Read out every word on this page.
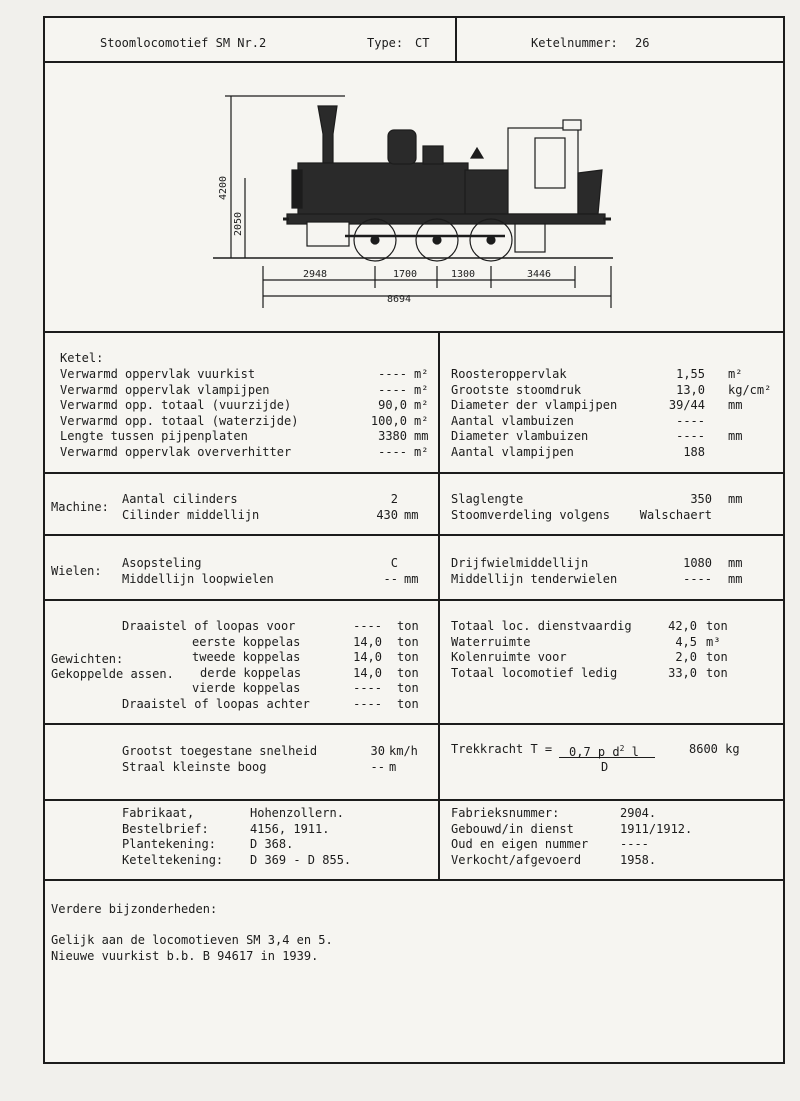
Stoomlocomotief SM Nr.2	Type: CT	Ketelnummer: 26
4200
2050
2948	1700	1300	3446
8694
Ketel:
Verwarmd oppervlak vuurkist	---- m²
Verwarmd oppervlak vlampijpen	---- m²
Verwarmd opp. totaal (vuurzijde)	90,0 m²
Verwarmd opp. totaal (waterzijde)	100,0 m²
Lengte tussen pijpenplaten	3380 mm
Verwarmd oppervlak oververhitter	---- m²
Roosteroppervlak	1,55 m²
Grootste stoomdruk	13,0 kg/cm²
Diameter der vlampijpen	39/44 mm
Aantal vlambuizen	----
Diameter vlambuizen	---- mm
Aantal vlampijpen	188
Machine:
Aantal cilinders	2
Cilinder middellijn	430 mm
Slaglengte	350 mm
Stoomverdeling volgens	Walschaert
Wielen:
Asopsteling	C
Middellijn loopwielen	-- mm
Drijfwielmiddellijn	1080 mm
Middellijn tenderwielen	---- mm
Gewichten:
Gekoppelde assen.
Draaistel of loopas voor	---- ton
eerste koppelas	14,0 ton
tweede koppelas	14,0 ton
derde koppelas	14,0 ton
vierde koppelas	---- ton
Draaistel of loopas achter	---- ton
Totaal loc. dienstvaardig	42,0 ton
Waterruimte	4,5 m³
Kolenruimte voor	2,0 ton
Totaal locomotief ledig	33,0 ton
Grootst toegestane snelheid	30 km/h
Straal kleinste boog	-- m
Trekkracht T = 0,7 p $d^2$ l
D
8600 kg
Fabrikaat,	Hohenzollern.
Bestelbrief:	4156, 1911.
Plantekening:	D 368.
Keteltekening: D 369 - D 855.
Fabrieksnummer:	2904.
Gebouwd/in dienst	1911/1912.
Oud en eigen nummer	----
Verkocht/afgevoerd	1958.
Verdere bijzonderheden:
Gelijk aan de locomotieven SM 3,4 en 5.
Nieuwe vuurkist b.b. B 94617 in 1939.
